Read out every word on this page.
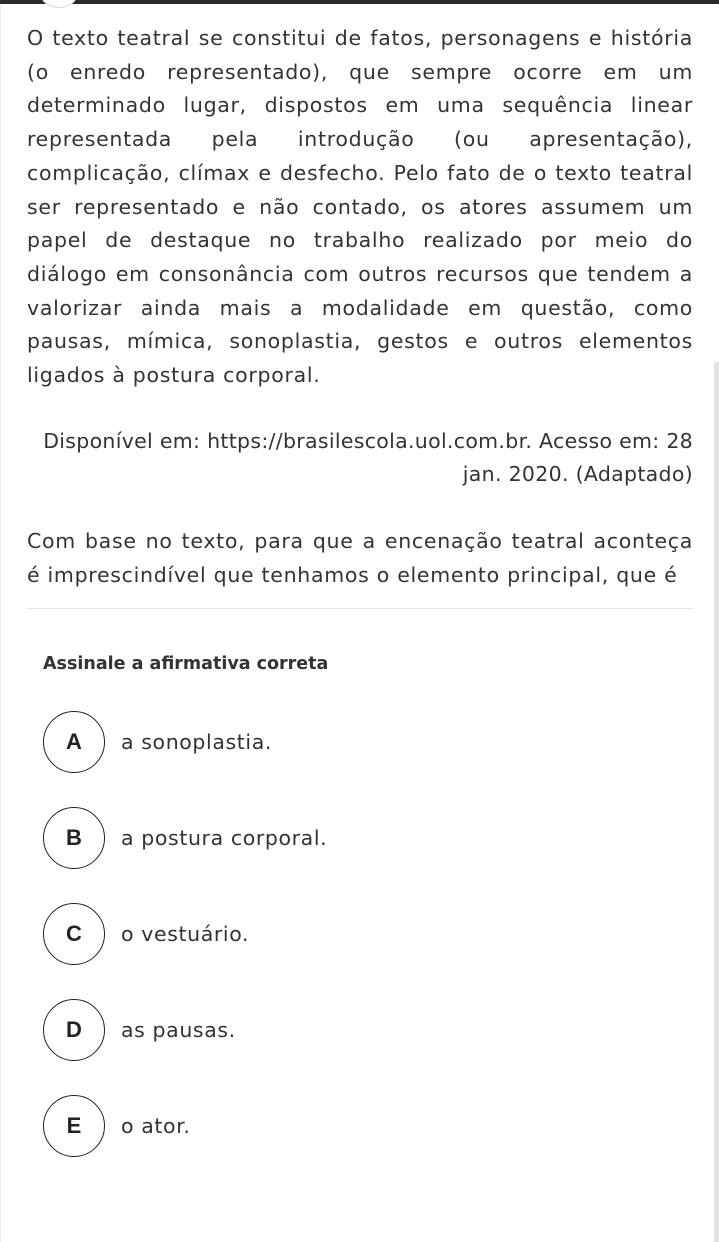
O texto teatral se constitui de fatos, personagens e história (o enredo representado), que sempre ocorre em um determinado lugar, dispostos em uma sequência linear representada pela introdução (ou apresentação), complicação, clímax e desfecho. Pelo fato de o texto teatral ser representado e não contado, os atores assumem um papel de destaque no trabalho realizado por meio do diálogo em consonância com outros recursos que tendem a valorizar ainda mais a modalidade em questão, como pausas, mímica, sonoplastia, gestos e outros elementos ligados à postura corporal.

Disponível em: https://brasilescola.uol.com.br. Acesso em: 28 jan. 2020. (Adaptado)

Com base no texto, para que a encenação teatral aconteça é imprescindível que tenhamos o elemento principal, que é

Assinale a afirmativa correta
A	a sonoplastia.
B	a postura corporal.
C	o vestuário.
D	as pausas.
E	o ator.
